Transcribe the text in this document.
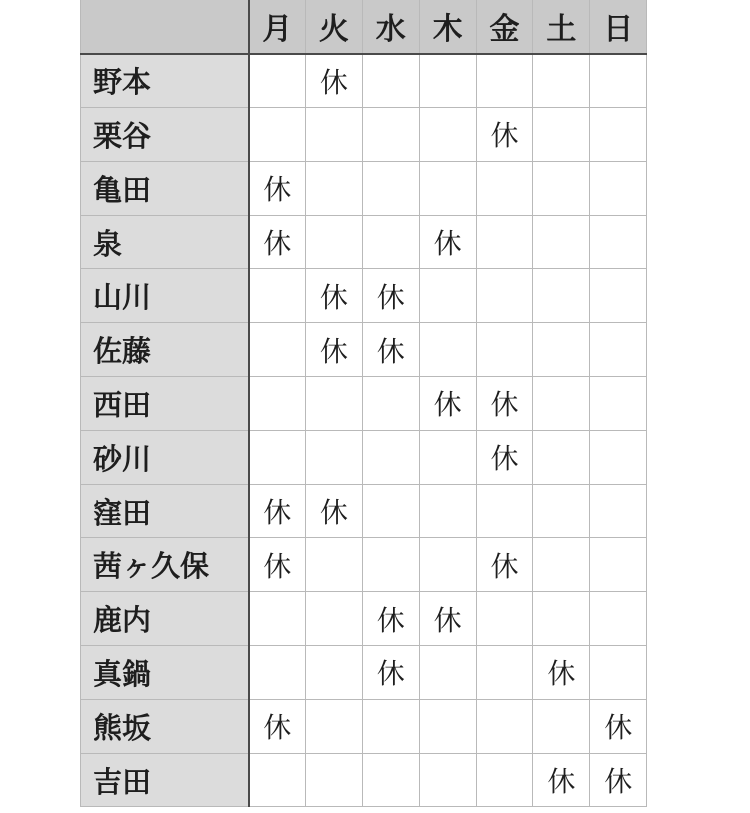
	月	火	水	木	金	土	日
野本		休					
栗谷					休		
亀田	休						
泉	休			休			
山川		休	休				
佐藤		休	休				
西田				休	休		
砂川					休		
窪田	休	休					
茜ヶ久保	休				休		
鹿内			休	休			
真鍋			休			休	
熊坂	休						休
吉田						休	休
